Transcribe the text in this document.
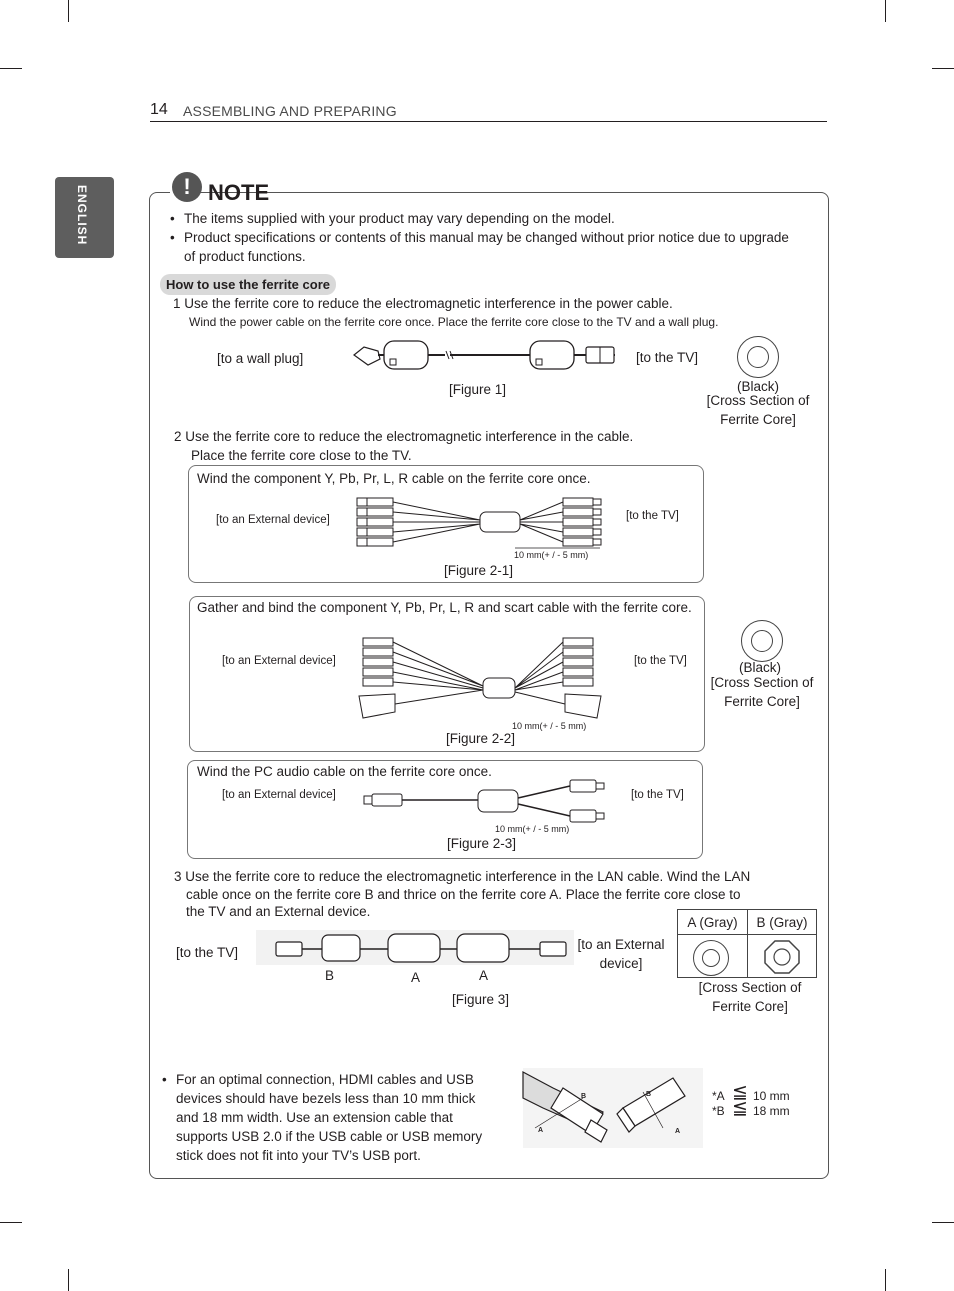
14 ASSEMBLING AND PREPARING
ENGLISH	! NOTE
• The items supplied with your product may vary depending on the model.
• Product specifications or contents of this manual may be changed without prior notice due to upgrade
of product functions.
How to use the ferrite core
1 Use the ferrite core to reduce the electromagnetic interference in the power cable.
Wind the power cable on the ferrite core once. Place the ferrite core close to the TV and a wall plug.
[to a wall plug]	[to the TV]
[Figure 1]	(Black)
[Cross Section of
Ferrite Core]
2 Use the ferrite core to reduce the electromagnetic interference in the cable.
Place the ferrite core close to the TV.
Wind the component Y, Pb, Pr, L, R cable on the ferrite core once.
[to an External device]	[to the TV]
10 mm(+ / - 5 mm)
[Figure 2-1]
Gather and bind the component Y, Pb, Pr, L, R and scart cable with the ferrite core.
[to an External device]	[to the TV]
10 mm(+ / - 5 mm)
[Figure 2-2]
(Black)
[Cross Section of
Ferrite Core]
Wind the PC audio cable on the ferrite core once.
[to an External device]	[to the TV]
10 mm(+ / - 5 mm)
[Figure 2-3]
3 Use the ferrite core to reduce the electromagnetic interference in the LAN cable. Wind the LAN
cable once on the ferrite core B and thrice on the ferrite core A. Place the ferrite core close to
the TV and an External device.
[to the TV]
[to an External
device]
B	A	A
[Figure 3]
A (Gray)	B (Gray)

[Cross Section of
Ferrite Core]
• For an optimal connection, HDMI cables and USB
devices should have bezels less than 10 mm thick
and 18 mm width. Use an extension cable that
supports USB 2.0 if the USB cable or USB memory
stick does not fit into your TV’s USB port.
A
B	B
A
*A
*B
≦
≦
10 mm
18 mm
